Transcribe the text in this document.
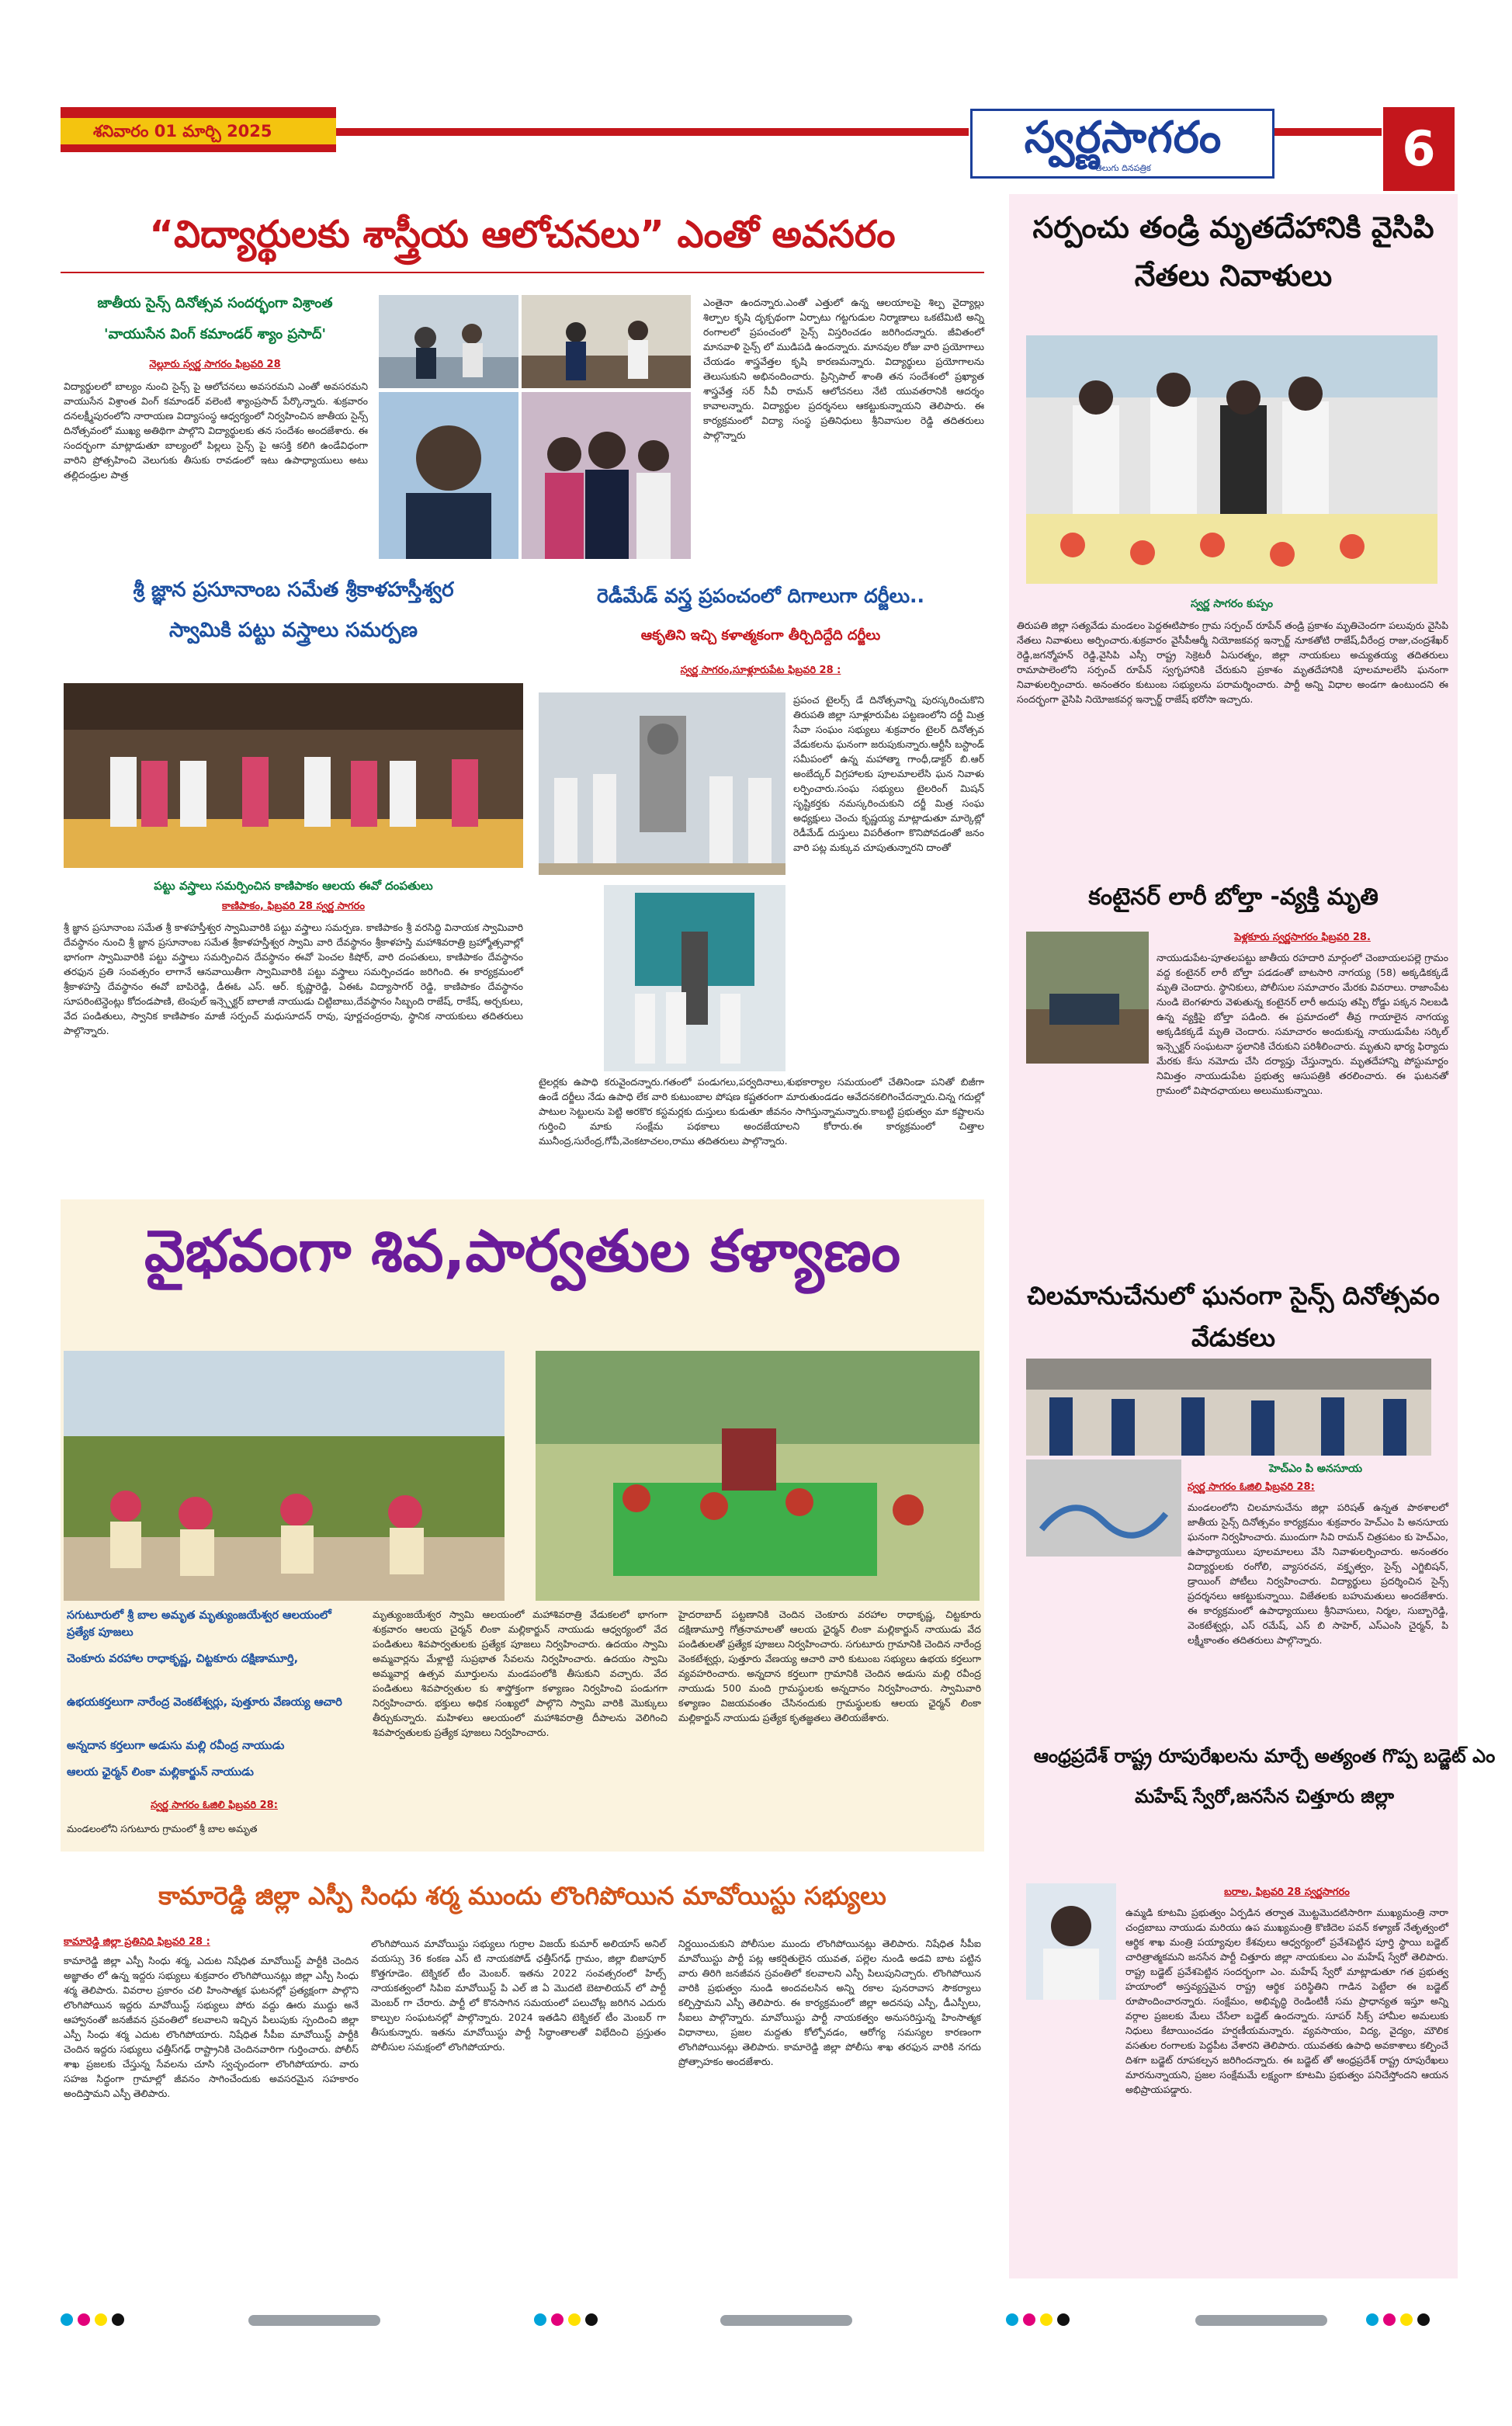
శనివారం 01 మార్చి 2025	స్వర్ణసాగరం
తెలుగు దినపత్రిక	6
“విద్యార్థులకు శాస్త్రీయ ఆలోచనలు” ఎంతో అవసరం
జాతీయ సైన్స్ దినోత్సవ సందర్భంగా విశ్రాంత
'వాయుసేన వింగ్ కమాండర్ శ్యాం ప్రసాద్'
నెల్లూరు స్వర్ణ సాగరం ఫిబ్రవరి 28
విద్యార్థులలో బాల్యం నుంచి సైన్స్ పై ఆలోచనలు అవసరమని ఎంతో అవసరమని వాయుసేన విశ్రాంత వింగ్ కమాండర్ వలెంటి శ్యాంప్రసాద్ పేర్కొన్నారు. శుక్రవారం దనలక్ష్మీపురంలోని నారాయణ విద్యాసంస్థ ఆధ్వర్యంలో నిర్వహించిన జాతీయ సైన్స్ దినోత్సవంలో ముఖ్య అతిథిగా పాల్గొని విద్యార్థులకు తన సందేశం అందజేశారు. ఈ సందర్భంగా మాట్లాడుతూ బాల్యంలో పిల్లలు సైన్స్ పై ఆసక్తి కలిగి ఉండేవిధంగా వారిని ప్రోత్సహించి వెలుగుకు తీసుకు రావడంలో ఇటు ఉపాధ్యాయులు అటు తల్లిదండ్రుల పాత్ర
ఎంతైనా ఉందన్నారు.ఎంతో ఎత్తులో ఉన్న ఆలయాలపై శిల్ప వైద్యాల్లు శిల్పాల కృషి దృక్పథంగా ఏర్పాటు గట్టగుడుల నిర్మాణాలు ఒకటేమిటి అన్ని రంగాలలో ప్రపంచంలో సైన్స్ విస్తరించడం జరిగిందన్నారు. జీవితంలో మానవాళి సైన్స్ లో ముడిపడి ఉందన్నారు. మానవుల రోజు వారి ప్రయోగాలు చేయడం శాస్త్రవేత్తల కృషి కారణమన్నారు. విద్యార్థులు ప్రయోగాలను తెలుసుకుని అభినందించారు. ప్రిన్సిపాల్ శాంతి తన సందేశంలో ప్రఖ్యాత శాస్త్రవేత్త సర్ సీవీ రామన్ ఆలోచనలు నేటి యువతరానికి ఆదర్శం కావాలన్నారు. విద్యార్థుల ప్రదర్శనలు ఆకట్టుకున్నాయని తెలిపారు. ఈ కార్యక్రమంలో విద్యా సంస్థ ప్రతినిధులు శ్రీనివాసుల రెడ్డి తదితరులు పాల్గొన్నారు
శ్రీ జ్ఞాన ప్రసూనాంబ సమేత శ్రీకాళహస్తీశ్వర
స్వామికి పట్టు వస్త్రాలు సమర్పణ
పట్టు వస్త్రాలు సమర్పించిన కాణిపాకం ఆలయ ఈవో దంపతులు
కాణిపాకం, ఫిబ్రవరి 28 స్వర్ణ సాగరం
శ్రీ జ్ఞాన ప్రసూనాంబ సమేత శ్రీ కాళహస్తీశ్వర స్వామివారికి పట్టు వస్త్రాలు సమర్పణ. కాణిపాకం శ్రీ వరసిద్ధి వినాయక స్వామివారి దేవస్థానం నుంచి శ్రీ జ్ఞాన ప్రసూనాంబ సమేత శ్రీకాళహస్తీశ్వర స్వామి వారి దేవస్థానం శ్రీకాళహస్తి మహాశివరాత్రి బ్రహ్మోత్సవాల్లో భాగంగా స్వామివారికి పట్టు వస్త్రాలు సమర్పించిన దేవస్థానం ఈవో పెంచల కిషోర్, వారి దంపతులు, కాణిపాకం దేవస్థానం తరఫున ప్రతి సంవత్సరం లాగానే ఆనవాయితీగా స్వామివారికి పట్టు వస్త్రాలు సమర్పించడం జరిగింది. ఈ కార్యక్రమంలో శ్రీకాళహస్తి దేవస్థానం ఈవో బాపిరెడ్డి, డీఈఓ ఎస్. ఆర్. కృష్ణారెడ్డి, ఏఈఓ విద్యాసాగర్ రెడ్డి, కాణిపాకం దేవస్థానం సూపరింటెన్డెంట్లు కోదండపాణి, టెంపుల్ ఇన్స్పెక్టర్ బాలాజీ నాయుడు చిట్టిబాబు,దేవస్థానం సిబ్బంది రాజేష్, రాకేష్, అర్చకులు, వేద పండితులు, స్వానిక కాణిపాకం మాజీ సర్పంచ్ మధుసూదన్ రావు, పూర్ణచంద్రరావు, స్థానిక నాయకులు తదితరులు పాల్గొన్నారు.
రెడీమేడ్ వస్త్ర ప్రపంచంలో దిగాలుగా దర్జీలు..
ఆకృతిని ఇచ్చి కళాత్మకంగా తీర్చిదిద్దేది దర్జీలు
స్వర్ణ సాగరం,సూళ్లూరుపేట ఫిబ్రవరి 28 :
ప్రపంచ టైలర్స్ డే దినోత్సవాన్ని పురస్కరించుకొని తిరుపతి జిల్లా సూళ్లూరుపేట పట్టణంలోని దర్జీ మిత్ర సేవా సంఘం సభ్యులు శుక్రవారం టైలర్ దినోత్సవ వేడుకలను ఘనంగా జరుపుకున్నారు.ఆర్టీసీ బస్టాండ్ సమీపంలో ఉన్న మహాత్మా గాంధీ,డాక్టర్ బి.ఆర్ అంబేద్కర్ విగ్రహాలకు పూలమాలలేసి ఘన నివాళు లర్పించారు.సంఘ సభ్యులు టైలరింగ్ మిషన్ సృష్టికర్తకు నమస్కరించుకుని దర్జీ మిత్ర సంఘ అధ్యక్షులు చెంచు కృష్ణయ్య మాట్లాడుతూ మార్కెట్లో రెడీమేడ్ దుస్తులు విపరీతంగా కొనిపోవడంతో జనం వారి పట్ల మక్కువ చూపుతున్నారని దాంతో
టైలర్లకు ఉపాధి కరువైందన్నారు.గతంలో పండుగలు,పర్వదినాలు,శుభకార్యాల సమయంలో చేతినిండా పనితో బిజీగా ఉండే దర్జీలు నేడు ఉపాధి లేక వారి కుటుంబాల పోషణ కష్టతరంగా మారుతుండడం ఆవేదనకలిగించేదన్నారు.చిన్న గదుల్లో పాటుల సెట్టులను పెట్టి అరకొర కస్టమర్లకు దుస్తులు కుడుతూ జీవనం సాగిస్తున్నామన్నారు.కాబట్టి ప్రభుత్వం మా కష్టాలను గుర్తించి మాకు సంక్షేమ పథకాలు అందజేయాలని కోరారు.ఈ కార్యక్రమంలో చిత్తాల మునీంద్ర,సురేంద్ర,గోపీ,వెంకటాచలం,రాము తదితరులు పాల్గొన్నారు.
వైభవంగా శివ,పార్వతుల కళ్యాణం
సగుటూరులో శ్రీ బాల అమృత మృత్యుంజయేశ్వర ఆలయంలో ప్రత్యేక పూజలు
చెంకూరు వరహాల రాధాకృష్ణ, చిట్టకూరు దక్షిణామూర్తి,
ఉభయకర్తలుగా నారేంద్ర వెంకటేశ్వర్లు, పుత్తూరు వేణయ్య ఆచారి
అన్నదాన కర్తలుగా అడుసు మల్లి రవీంద్ర నాయుడు
ఆలయ ఛైర్మన్ లింకా మల్లికార్జున్ నాయుడు
స్వర్ణ సాగరం ఓజిలి ఫిబ్రవరి 28:
మండలంలోని సగుటూరు గ్రామంలో శ్రీ బాల అమృత
మృత్యుంజయేశ్వర స్వామి ఆలయంలో మహాశివరాత్రి వేడుకలలో భాగంగా శుక్రవారం ఆలయ చైర్మన్ లింకా మల్లికార్జున్ నాయుడు ఆధ్వర్యంలో వేద పండితులు శివపార్వతులకు ప్రత్యేక పూజలు నిర్వహించారు. ఉదయం స్వామి అమ్మవార్లను మేళ్లాట్టి సుప్రభాత సేవలను నిర్వహించారు. ఉదయం స్వామి అమ్మవార్ల ఉత్సవ మూర్తులను మండపంలోకి తీసుకుని వచ్చారు. వేద పండితులు శివపార్వతుల కు శాస్త్రోక్తంగా కళ్యాణం నిర్వహించి పండుగగా నిర్వహించారు. భక్తులు అధిక సంఖ్యలో పాల్గొని స్వామి వారికి మొక్కులు తీర్చుకున్నారు. మహిళలు ఆలయంలో మహాశివరాత్రి దీపాలను వెలిగించి శివపార్వతులకు ప్రత్యేక పూజలు నిర్వహించారు.
హైదరాబాద్ పట్టణానికి చెందిన చెంకూరు వరహాల రాధాకృష్ణ, చిట్టకూరు దక్షిణామూర్తి గోత్రనామాలతో ఆలయ ఛైర్మన్ లింకా మల్లికార్జున్ నాయుడు వేద పండితులతో ప్రత్యేక పూజలు నిర్వహించారు. సగుటూరు గ్రామానికి చెందిన నారేంద్ర వెంకటేశ్వర్లు, పుత్తూరు వేణయ్య ఆచారి వారి కుటుంబ సభ్యులు ఉభయ కర్తలుగా వ్యవహరించారు. అన్నదాన కర్తలుగా గ్రామానికి చెందిన అడుసు మల్లి రవీంద్ర నాయుడు 500 మంది గ్రామస్థులకు అన్నదానం నిర్వహించారు. స్వామివారి కళ్యాణం విజయవంతం చేసినందుకు గ్రామస్థులకు ఆలయ ఛైర్మన్ లింకా మల్లికార్జున్ నాయుడు ప్రత్యేక కృతజ్ఞతలు తెలియజేశారు.
కామారెడ్డి జిల్లా ఎస్పీ సింధు శర్మ ముందు లొంగిపోయిన మావోయిస్టు సభ్యులు
కామారెడ్డి జిల్లా ప్రతినిధి ఫిబ్రవరి 28 :
కామారెడ్డి జిల్లా ఎస్పీ సింధు శర్మ, ఎదుట నిషేధిత మావోయిస్ట్ పార్టీకి చెందిన అజ్ఞాతం లో ఉన్న ఇద్దరు సభ్యులు శుక్రవారం లొంగిపోయినట్లు జిల్లా ఎస్పీ సింధు శర్మ తెలిపారు. వివరాల ప్రకారం చలి హింసాత్మక ఘటనల్లో ప్రత్యక్షంగా పాల్గొని లొంగిపోయిన ఇద్దరు మావోయిస్ట్ సభ్యులు పోరు వద్దు ఊరు ముద్దు అనే ఆహ్వానంతో జనజీవన స్రవంతిలో కలవాలని ఇచ్చిన పిలుపుకు స్పందించి జిల్లా ఎస్పీ సింధు శర్మ ఎదుట లొంగిపోయారు. నిషేధిత సీపీఐ మావోయిస్ట్ పార్టీకి చెందిన ఇద్దరు సభ్యులు ఛత్తీస్‌గఢ్ రాష్ట్రానికి చెందినవారిగా గుర్తించారు. పోలీస్ శాఖ ప్రజలకు చేస్తున్న సేవలను చూసి స్వచ్ఛందంగా లొంగిపోయారు. వారు సహజ సిద్ధంగా గ్రామాల్లో జీవనం సాగించేందుకు అవసరమైన సహకారం అందిస్తామని ఎస్పీ తెలిపారు.
లొంగిపోయిన మావోయిస్టు సభ్యులు గుర్రాల విజయ్ కుమార్ అలియాస్ అనిల్ వయస్సు 36 కంకణ ఎస్ టి నాయకపోడ్ ఛత్తీస్‌గఢ్ గ్రామం, జిల్లా బిజాపూర్ కొత్తగూడెం. టెక్నికల్ టీం మెంబర్. ఇతను 2022 సంవత్సరంలో హిల్స్ నాయకత్వంలో సిపిఐ మావోయిస్ట్ పి ఎల్ జి ఏ మొదటి బెటాలియన్ లో పార్టీ మెంబర్ గా చేరారు. పార్టీ లో కొనసాగిన సమయంలో పలుచోట్ల జరిగిన ఎదురు కాల్పుల సంఘటనల్లో పాల్గొన్నారు. 2024 ఇతడిని టెక్నికల్ టీం మెంబర్ గా తీసుకున్నారు. ఇతను మావోయిస్టు పార్టీ సిద్ధాంతాలతో విభేదించి ప్రస్తుతం పోలీసుల సమక్షంలో లొంగిపోయారు.
నిర్ణయించుకుని పోలీసుల ముందు లొంగిపోయినట్లు తెలిపారు. నిషేధిత సీపీఐ మావోయిస్టు పార్టీ పట్ల ఆకర్షితులైన యువత, పల్లెల నుండి అడవి బాట పట్టిన వారు తిరిగి జనజీవన స్రవంతిలో కలవాలని ఎస్పీ పిలుపునిచ్చారు. లొంగిపోయిన వారికి ప్రభుత్వం నుండి అందవలసిన అన్ని రకాల పునరావాస సౌకర్యాలు కల్పిస్తామని ఎస్పీ తెలిపారు. ఈ కార్యక్రమంలో జిల్లా అదనపు ఎస్పీ, డీఎస్పీలు, సీఐలు పాల్గొన్నారు. మావోయిస్టు పార్టీ నాయకత్వం అనుసరిస్తున్న హింసాత్మక విధానాలు, ప్రజల మద్దతు కోల్పోవడం, ఆరోగ్య సమస్యల కారణంగా లొంగిపోయినట్లు తెలిపారు. కామారెడ్డి జిల్లా పోలీసు శాఖ తరఫున వారికి నగదు ప్రోత్సాహకం అందజేశారు.
సర్పంచు తండ్రి మృతదేహానికి వైసిపి నేతలు నివాళులు
స్వర్ణ సాగరం కుప్పం
తిరుపతి జిల్లా సత్యవేడు మండలం పెద్దఈటిపాకం గ్రామ సర్పంచ్ రూపేన్ తండ్రి ప్రకాశం మృతిచెందగా పలువురు వైసిపి నేతలు నివాళులు అర్పించారు.శుక్రవారం వైసీపీఆర్మీ నియోజకవర్గ ఇన్చార్జ్ నూకతోటి రాజేష్,వీరేంద్ర రాజు,చంద్రశేఖర్ రెడ్డి,జగన్మోహన్ రెడ్డి,వైసిపి ఎస్సీ రాష్ట్ర సెక్రెటరీ ఏసురత్నం, జిల్లా నాయకులు అచ్యుతయ్య తదితరులు రామాపాలెంలోని సర్పంచ్ రూపేన్ స్వగృహానికి చేరుకుని ప్రకాశం మృతదేహానికి పూలమాలలేసి ఘనంగా నివాళులర్పించారు. అనంతరం కుటుంబ సభ్యులను పరామర్శించారు. పార్టీ అన్ని విధాల అండగా ఉంటుందని ఈ సందర్భంగా వైసిపి నియోజకవర్గ ఇన్చార్జ్ రాజేష్ భరోసా ఇచ్చారు.
కంటైనర్ లారీ బోల్తా -వ్యక్తి మృతి
పెళ్లకూరు స్వర్ణసాగరం ఫిబ్రవరి 28.
నాయుడుపేట-పూతలపట్టు జాతీయ రహదారి మార్గంలో చెంబాయలపల్లె గ్రామం వద్ద కంటైనర్ లారీ బోల్తా పడడంతో బాటసారి నాగయ్య (58) అక్కడికక్కడే మృతి చెందారు. స్థానికులు, పోలీసుల సమాచారం మేరకు వివరాలు. రాజాంపేట నుండి బెంగళూరు వెళుతున్న కంటైనర్ లారీ అదుపు తప్పి రోడ్డు పక్కన నిలబడి ఉన్న వ్యక్తిపై బోల్తా పడింది. ఈ ప్రమాదంలో తీవ్ర గాయాలైన నాగయ్య అక్కడికక్కడే మృతి చెందారు. సమాచారం అందుకున్న నాయుడుపేట సర్కిల్ ఇన్స్పెక్టర్ సంఘటనా స్థలానికి చేరుకుని పరిశీలించారు. మృతుని భార్య ఫిర్యాదు మేరకు కేసు నమోదు చేసి దర్యాప్తు చేస్తున్నారు. మృతదేహాన్ని పోస్టుమార్టం నిమిత్తం నాయుడుపేట ప్రభుత్వ ఆసుపత్రికి తరలించారు. ఈ ఘటనతో గ్రామంలో విషాదఛాయలు అలుముకున్నాయి.
చిలమానుచేనులో ఘనంగా సైన్స్ దినోత్సవం వేడుకలు
హెచ్ఎం పి అనసూయ
స్వర్ణ సాగరం ఓజిలి ఫిబ్రవరి 28:
మండలంలోని చిలమానుచేను జిల్లా పరిషత్ ఉన్నత పాఠశాలలో జాతీయ సైన్స్ దినోత్సవం కార్యక్రమం శుక్రవారం హెచ్ఎం పి అనసూయ ఘనంగా నిర్వహించారు. ముందుగా సివి రామన్ చిత్రపటం కు హెచ్ఎం, ఉపాధ్యాయులు పూలమాలలు వేసి నివాళులర్పించారు. అనంతరం విద్యార్థులకు రంగోలి, వ్యాసరచన, వక్తృత్వం, సైన్స్ ఎగ్జిబిషన్, డ్రాయింగ్ పోటీలు నిర్వహించారు. విద్యార్థులు ప్రదర్శించిన సైన్స్ ప్రదర్శనలు ఆకట్టుకున్నాయి. విజేతలకు బహుమతులు అందజేశారు. ఈ కార్యక్రమంలో ఉపాధ్యాయులు శ్రీనివాసులు, నిర్మల, సుబ్బారెడ్డి, వెంకటేశ్వర్లు, ఎస్ రమేష్, ఎస్ బి సాహెర్, ఎస్ఎంసి చైర్మన్, పి లక్ష్మీకాంతం తదితరులు పాల్గొన్నారు.
ఆంధ్రప్రదేశ్ రాష్ట్ర రూపురేఖలను మార్చే అత్యంత గొప్ప బడ్జెట్ ఎం మహేష్ స్వేరో,జనసేన చిత్తూరు జిల్లా
బరాల, ఫిబ్రవరి 28 స్వర్ణసాగరం
ఉమ్మడి కూటమి ప్రభుత్వం ఏర్పడిన తర్వాత మొట్టమొదటిసారిగా ముఖ్యమంత్రి నారా చంద్రబాబు నాయుడు మరియు ఉప ముఖ్యమంత్రి కొణిదెల పవన్ కళ్యాణ్ నేతృత్వంలో ఆర్థిక శాఖ మంత్రి పయ్యావుల కేశవులు ఆధ్వర్యంలో ప్రవేశపెట్టిన పూర్తి స్థాయి బడ్జెట్ చారిత్రాత్మకమని జనసేన పార్టీ చిత్తూరు జిల్లా నాయకులు ఎం మహేష్ స్వేరో తెలిపారు. రాష్ట్ర బడ్జెట్ ప్రవేశపెట్టిన సందర్భంగా ఎం. మహేష్ స్వేరో మాట్లాడుతూ గత ప్రభుత్వ హయాంలో అస్తవ్యస్తమైన రాష్ట్ర ఆర్థిక పరిస్థితిని గాడిన పెట్టేలా ఈ బడ్జెట్ రూపొందించారన్నారు. సంక్షేమం, అభివృద్ధి రెండింటికీ సమ ప్రాధాన్యత ఇస్తూ అన్ని వర్గాల ప్రజలకు మేలు చేసేలా బడ్జెట్ ఉందన్నారు. సూపర్ సిక్స్ హామీల అమలుకు నిధులు కేటాయించడం హర్షణీయమన్నారు. వ్యవసాయం, విద్య, వైద్యం, మౌలిక వసతుల రంగాలకు పెద్దపీట వేశారని తెలిపారు. యువతకు ఉపాధి అవకాశాలు కల్పించే దిశగా బడ్జెట్ రూపకల్పన జరిగిందన్నారు. ఈ బడ్జెట్ తో ఆంధ్రప్రదేశ్ రాష్ట్ర రూపురేఖలు మారనున్నాయని, ప్రజల సంక్షేమమే లక్ష్యంగా కూటమి ప్రభుత్వం పనిచేస్తోందని ఆయన అభిప్రాయపడ్డారు.
